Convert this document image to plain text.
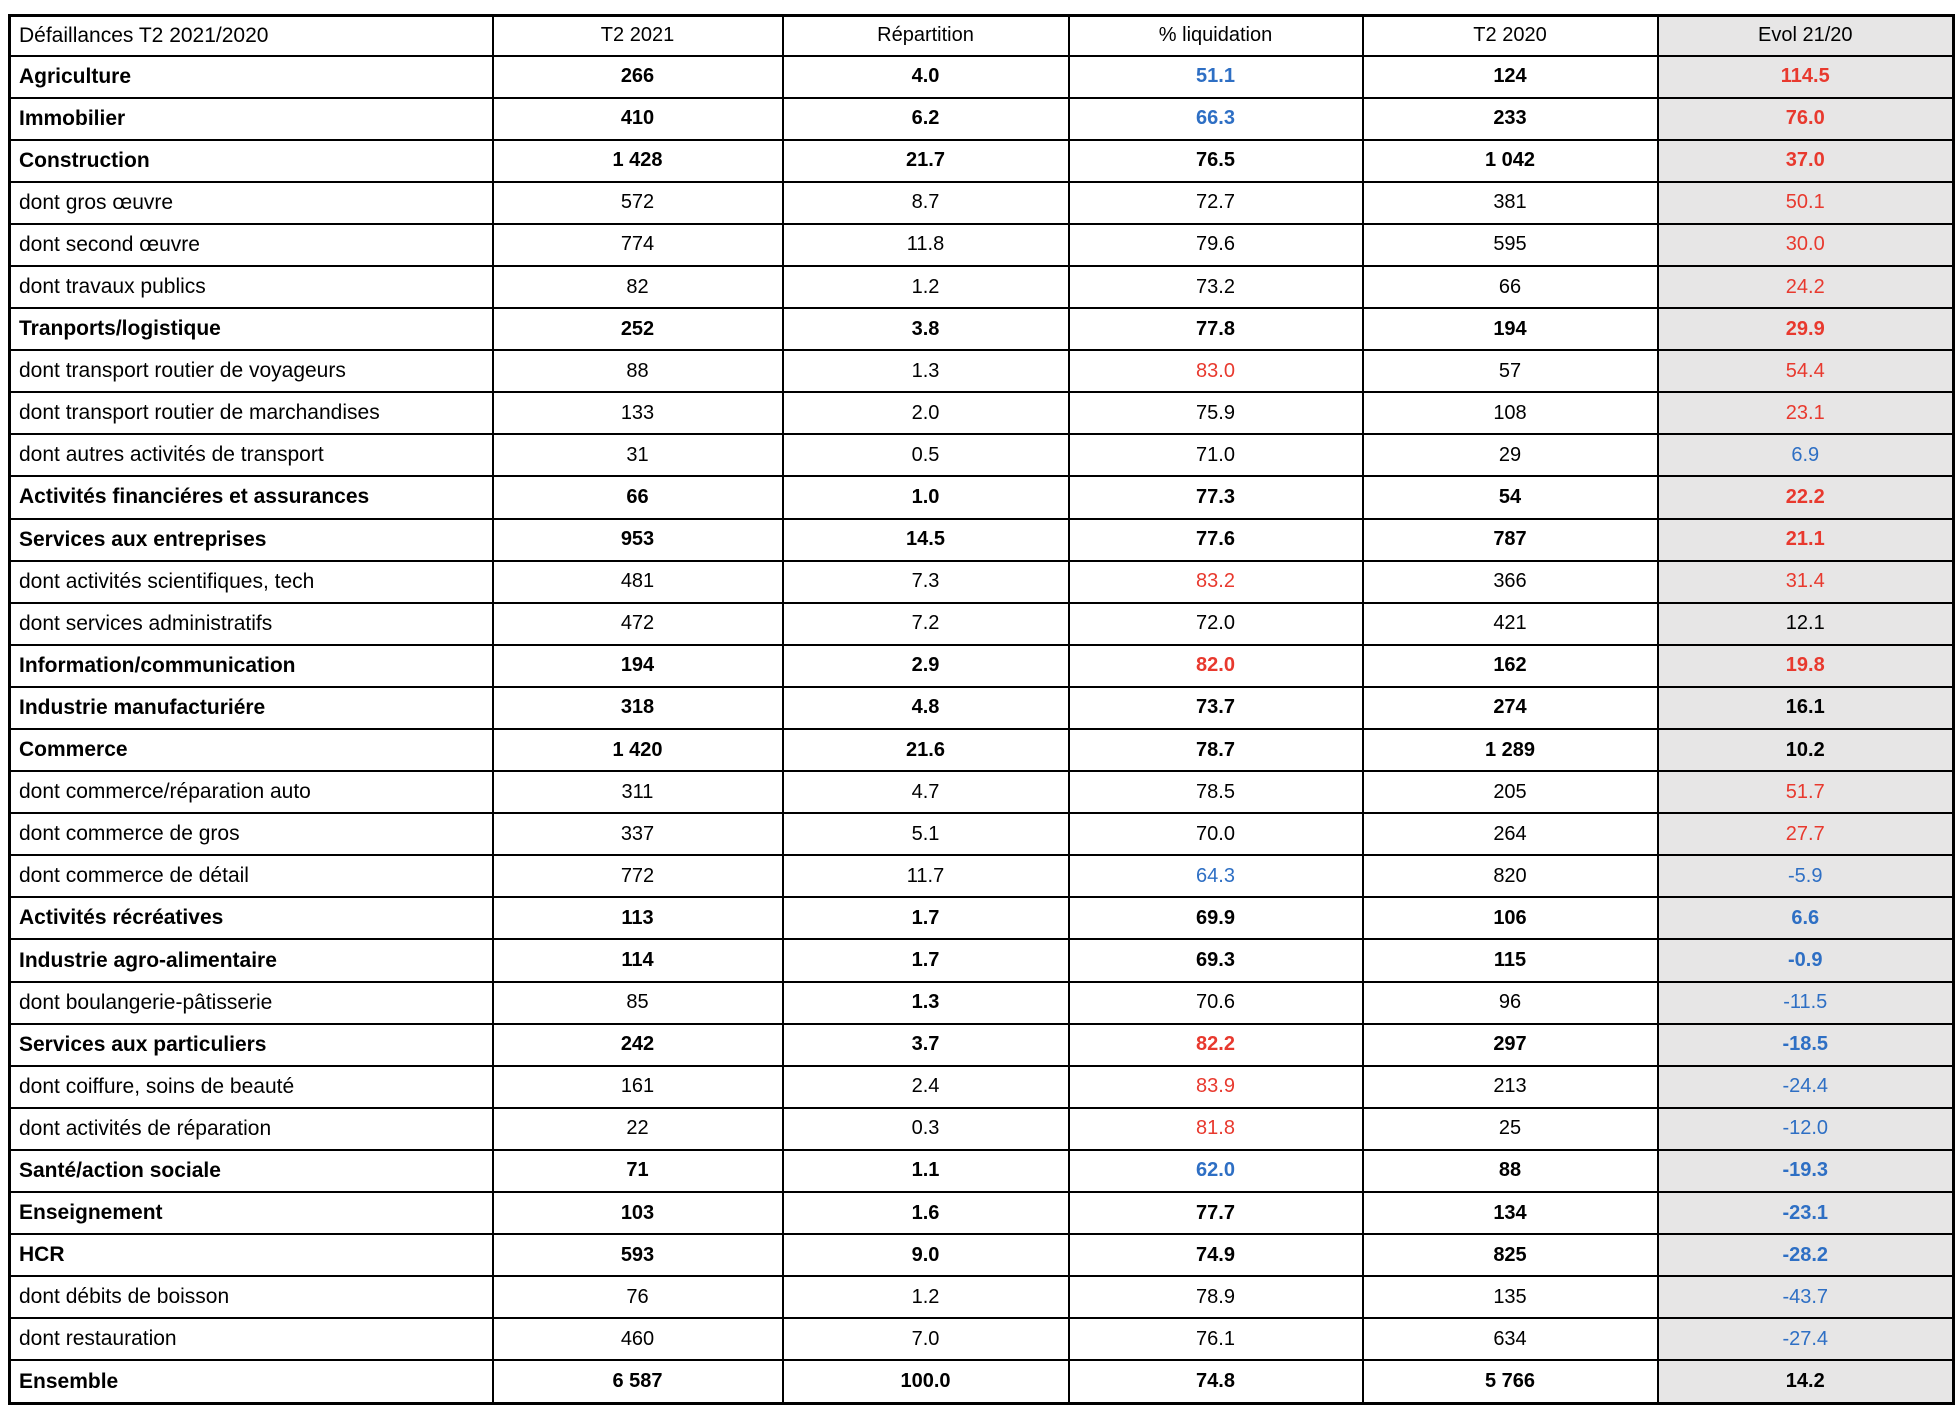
Défaillances T2 2021/2020	T2 2021	Répartition	% liquidation	T2 2020	Evol 21/20
Agriculture	266	4.0	51.1	124	114.5
Immobilier	410	6.2	66.3	233	76.0
Construction	1 428	21.7	76.5	1 042	37.0
dont gros œuvre	572	8.7	72.7	381	50.1
dont second œuvre	774	11.8	79.6	595	30.0
dont travaux publics	82	1.2	73.2	66	24.2
Tranports/logistique	252	3.8	77.8	194	29.9
dont transport routier de voyageurs	88	1.3	83.0	57	54.4
dont transport routier de marchandises	133	2.0	75.9	108	23.1
dont autres activités de transport	31	0.5	71.0	29	6.9
Activités financiéres et assurances	66	1.0	77.3	54	22.2
Services aux entreprises	953	14.5	77.6	787	21.1
dont activités scientifiques, tech	481	7.3	83.2	366	31.4
dont services administratifs	472	7.2	72.0	421	12.1
Information/communication	194	2.9	82.0	162	19.8
Industrie manufacturiére	318	4.8	73.7	274	16.1
Commerce	1 420	21.6	78.7	1 289	10.2
dont commerce/réparation auto	311	4.7	78.5	205	51.7
dont commerce de gros	337	5.1	70.0	264	27.7
dont commerce de détail	772	11.7	64.3	820	-5.9
Activités récréatives	113	1.7	69.9	106	6.6
Industrie agro-alimentaire	114	1.7	69.3	115	-0.9
dont boulangerie-pâtisserie	85	1.3	70.6	96	-11.5
Services aux particuliers	242	3.7	82.2	297	-18.5
dont coiffure, soins de beauté	161	2.4	83.9	213	-24.4
dont activités de réparation	22	0.3	81.8	25	-12.0
Santé/action sociale	71	1.1	62.0	88	-19.3
Enseignement	103	1.6	77.7	134	-23.1
HCR	593	9.0	74.9	825	-28.2
dont débits de boisson	76	1.2	78.9	135	-43.7
dont restauration	460	7.0	76.1	634	-27.4
Ensemble	6 587	100.0	74.8	5 766	14.2
